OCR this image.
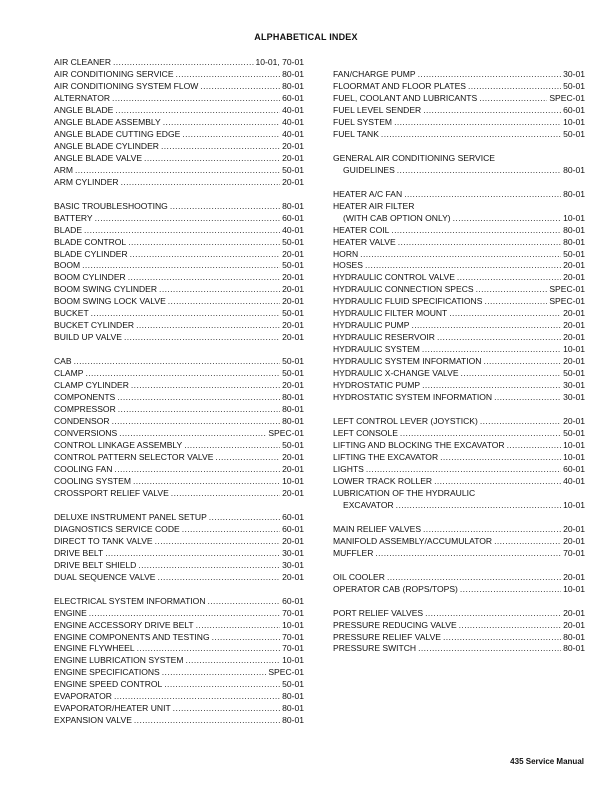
ALPHABETICAL INDEX
AIR CLEANER .....	10-01, 70-01
AIR CONDITIONING SERVICE .....	80-01
AIR CONDITIONING SYSTEM FLOW .....	80-01
ALTERNATOR .....	60-01
ANGLE BLADE .....	40-01
ANGLE BLADE ASSEMBLY .....	40-01
ANGLE BLADE CUTTING EDGE .....	40-01
ANGLE BLADE CYLINDER .....	20-01
ANGLE BLADE VALVE .....	20-01
ARM .....	50-01
ARM CYLINDER .....	20-01
BASIC TROUBLESHOOTING .....	80-01
BATTERY .....	60-01
BLADE .....	40-01
BLADE CONTROL .....	50-01
BLADE CYLINDER .....	20-01
BOOM .....	50-01
BOOM CYLINDER .....	20-01
BOOM SWING CYLINDER .....	20-01
BOOM SWING LOCK VALVE .....	20-01
BUCKET .....	50-01
BUCKET CYLINDER .....	20-01
BUILD UP VALVE .....	20-01
CAB .....	50-01
CLAMP .....	50-01
CLAMP CYLINDER .....	20-01
COMPONENTS .....	80-01
COMPRESSOR .....	80-01
CONDENSOR .....	80-01
CONVERSIONS .....	SPEC-01
CONTROL LINKAGE ASSEMBLY .....	50-01
CONTROL PATTERN SELECTOR VALVE .....	20-01
COOLING FAN .....	20-01
COOLING SYSTEM .....	10-01
CROSSPORT RELIEF VALVE .....	20-01
DELUXE INSTRUMENT PANEL SETUP .....	60-01
DIAGNOSTICS SERVICE CODE .....	60-01
DIRECT TO TANK VALVE .....	20-01
DRIVE BELT .....	30-01
DRIVE BELT SHIELD .....	30-01
DUAL SEQUENCE VALVE .....	20-01
ELECTRICAL SYSTEM INFORMATION .....	60-01
ENGINE .....	70-01
ENGINE ACCESSORY DRIVE BELT .....	10-01
ENGINE COMPONENTS AND TESTING .....	70-01
ENGINE FLYWHEEL .....	70-01
ENGINE LUBRICATION SYSTEM .....	10-01
ENGINE SPECIFICATIONS .....	SPEC-01
ENGINE SPEED CONTROL .....	50-01
EVAPORATOR .....	80-01
EVAPORATOR/HEATER UNIT .....	80-01
EXPANSION VALVE .....	80-01
FAN/CHARGE PUMP .....	30-01
FLOORMAT AND FLOOR PLATES .....	50-01
FUEL, COOLANT AND LUBRICANTS .....	SPEC-01
FUEL LEVEL SENDER .....	60-01
FUEL SYSTEM .....	10-01
FUEL TANK .....	50-01
GENERAL AIR CONDITIONING SERVICE
GUIDELINES .....	80-01
HEATER A/C FAN .....	80-01
HEATER AIR FILTER
(WITH CAB OPTION ONLY) .....	10-01
HEATER COIL .....	80-01
HEATER VALVE .....	80-01
HORN .....	50-01
HOSES .....	20-01
HYDRAULIC CONTROL VALVE .....	20-01
HYDRAULIC CONNECTION SPECS .....	SPEC-01
HYDRAULIC FLUID SPECIFICATIONS .....	SPEC-01
HYDRAULIC FILTER MOUNT .....	20-01
HYDRAULIC PUMP .....	20-01
HYDRAULIC RESERVOIR .....	20-01
HYDRAULIC SYSTEM .....	10-01
HYDRAULIC SYSTEM INFORMATION .....	20-01
HYDRAULIC X-CHANGE VALVE .....	50-01
HYDROSTATIC PUMP .....	30-01
HYDROSTATIC SYSTEM INFORMATION .....	30-01
LEFT CONTROL LEVER (JOYSTICK) .....	20-01
LEFT CONSOLE .....	50-01
LIFTING AND BLOCKING THE EXCAVATOR .....	10-01
LIFTING THE EXCAVATOR .....	10-01
LIGHTS .....	60-01
LOWER TRACK ROLLER .....	40-01
LUBRICATION OF THE HYDRAULIC
EXCAVATOR .....	10-01
MAIN RELIEF VALVES .....	20-01
MANIFOLD ASSEMBLY/ACCUMULATOR .....	20-01
MUFFLER .....	70-01
OIL COOLER .....	20-01
OPERATOR CAB (ROPS/TOPS) .....	10-01
PORT RELIEF VALVES .....	20-01
PRESSURE REDUCING VALVE .....	20-01
PRESSURE RELIEF VALVE .....	80-01
PRESSURE SWITCH .....	80-01
435 Service Manual
